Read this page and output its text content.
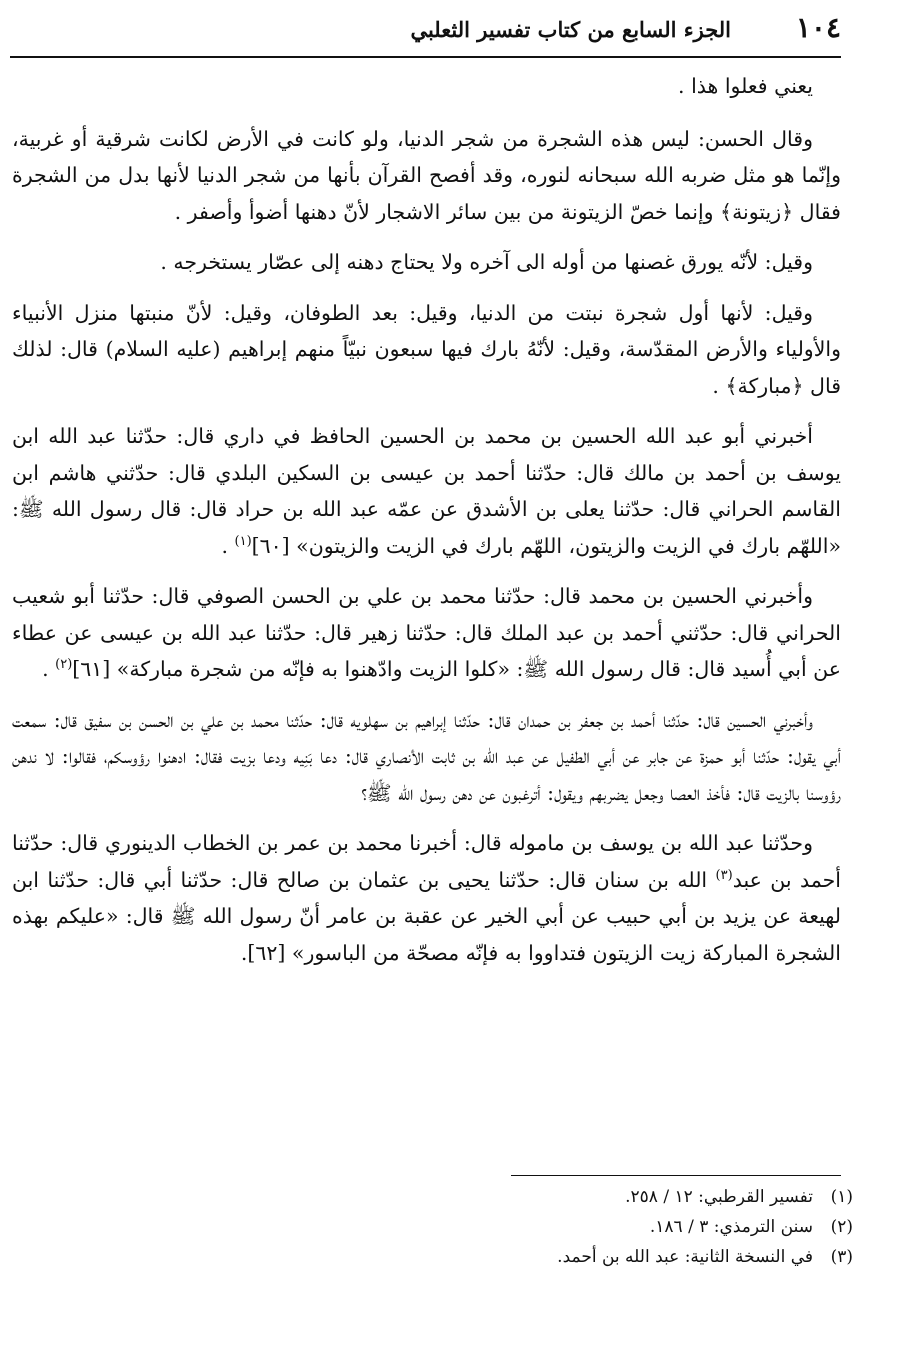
١٠٤
الجزء السابع من كتاب تفسير الثعلبي

يعني فعلوا هذا .

وقال الحسن: ليس هذه الشجرة من شجر الدنيا، ولو كانت في الأرض لكانت شرقية أو غربية، وإنّما هو مثل ضربه الله سبحانه لنوره، وقد أفصح القرآن بأنها من شجر الدنيا لأنها بدل من الشجرة فقال ﴿زيتونة﴾ وإنما خصّ الزيتونة من بين سائر الاشجار لأنّ دهنها أضوأ وأصفر .

وقيل: لأنّه يورق غصنها من أوله الى آخره ولا يحتاج دهنه إلى عصّار يستخرجه .

وقيل: لأنها أول شجرة نبتت من الدنيا، وقيل: بعد الطوفان، وقيل: لأنّ منبتها منزل الأنبياء والأولياء والأرض المقدّسة، وقيل: لأنّهُ بارك فيها سبعون نبيّاً منهم إبراهيم (عليه السلام) قال: لذلك قال ﴿مباركة﴾ .

أخبرني أبو عبد الله الحسين بن محمد بن الحسين الحافظ في داري قال: حدّثنا عبد الله ابن يوسف بن أحمد بن مالك قال: حدّثنا أحمد بن عيسى بن السكين البلدي قال: حدّثني هاشم ابن القاسم الحراني قال: حدّثنا يعلى بن الأشدق عن عمّه عبد الله بن حراد قال: قال رسول الله ﷺ: «اللهّم بارك في الزيت والزيتون، اللهّم بارك في الزيت والزيتون» [٦٠]$^{(١)}$ .

وأخبرني الحسين بن محمد قال: حدّثنا محمد بن علي بن الحسن الصوفي قال: حدّثنا أبو شعيب الحراني قال: حدّثني أحمد بن عبد الملك قال: حدّثنا زهير قال: حدّثنا عبد الله بن عيسى عن عطاء عن أبي أُسيد قال: قال رسول الله ﷺ: «كلوا الزيت وادّهنوا به فإنّه من شجرة مباركة» [٦١]$^{(٢)}$ .

وأخبرني الحسين قال: حدّثنا أحمد بن جعفر بن حمدان قال: حدّثنا إبراهيم بن سهلويه قال: حدّثنا محمد بن علي بن الحسن بن سفيق قال: سمعت أبي يقول: حدّثنا أبو حمزة عن جابر عن أبي الطفيل عن عبد الله بن ثابت الأنصاري قال: دعا بَنِيه ودعا بزيت فقال: ادهنوا رؤوسكم، فقالوا: لا ندهن رؤوسنا بالزيت قال: فأخذ العصا وجعل يضربهم ويقول: أترغبون عن دهن رسول الله ﷺ؟

وحدّثنا عبد الله بن يوسف بن ماموله قال: أخبرنا محمد بن عمر بن الخطاب الدينوري قال: حدّثنا أحمد بن عبد$^{(٣)}$ الله بن سنان قال: حدّثنا يحيى بن عثمان بن صالح قال: حدّثنا أبي قال: حدّثنا ابن لهيعة عن يزيد بن أبي حبيب عن أبي الخير عن عقبة بن عامر أنّ رسول الله ﷺ قال: «عليكم بهذه الشجرة المباركة زيت الزيتون فتداووا به فإنّه مصحّة من الباسور» [٦٢].

(١)تفسير القرطبي: ١٢ / ٢٥٨.
(٢)سنن الترمذي: ٣ / ١٨٦.
(٣)في النسخة الثانية: عبد الله بن أحمد.
